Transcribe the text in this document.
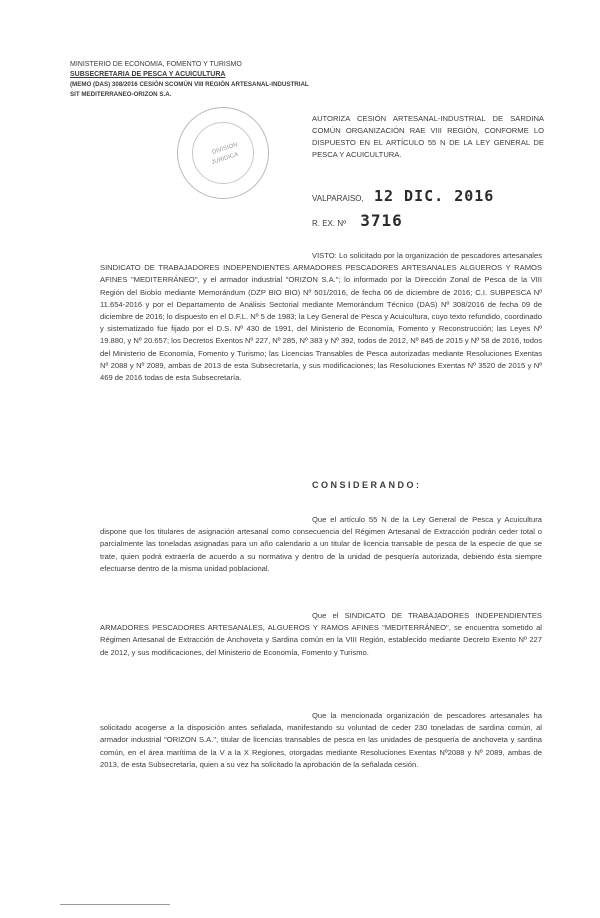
MINISTERIO DE ECONOMIA, FOMENTO Y TURISMO
SUBSECRETARIA DE PESCA Y ACUICULTURA
(MEMO (DAS) 308/2016 CESIÓN SCOMÚN VIII REGIÓN ARTESANAL-INDUSTRIAL
SIT MEDITERRANEO-ORIZON S.A.
DIVISION
JURIDICA
AUTORIZA CESIÓN ARTESANAL-INDUSTRIAL DE SARDINA COMÚN ORGANIZACIÓN RAE VIII REGIÓN, CONFORME LO DISPUESTO EN EL ARTÍCULO 55 N DE LA LEY GENERAL DE PESCA Y ACUICULTURA.
VALPARAISO, 12 DIC. 2016
R. EX. Nº 3716
VISTO: Lo solicitado por la organización de pescadores artesanales SINDICATO DE TRABAJADORES INDEPENDIENTES ARMADORES PESCADORES ARTESANALES ALGUEROS Y RAMOS AFINES "MEDITERRÁNEO", y el armador industrial "ORIZON S.A."; lo informado por la Dirección Zonal de Pesca de la VIII Región del Biobío mediante Memorándum (DZP BIO BIO) Nº 501/2016, de fecha 06 de diciembre de 2016; C.I. SUBPESCA Nº 11.654-2016 y por el Departamento de Análisis Sectorial mediante Memorándum Técnico (DAS) Nº 308/2016 de fecha 09 de diciembre de 2016; lo dispuesto en el D.F.L. Nº 5 de 1983; la Ley General de Pesca y Acuicultura, cuyo texto refundido, coordinado y sistematizado fue fijado por el D.S. Nº 430 de 1991, del Ministerio de Economía, Fomento y Reconstrucción; las Leyes Nº 19.880, y Nº 20.657; los Decretos Exentos Nº 227, Nº 285, Nº 383 y Nº 392, todos de 2012, Nº 845 de 2015 y Nº 58 de 2016, todos del Ministerio de Economía, Fomento y Turismo; las Licencias Transables de Pesca autorizadas mediante Resoluciones Exentas Nº 2088 y Nº 2089, ambas de 2013 de esta Subsecretaría, y sus modificaciones; las Resoluciones Exentas Nº 3520 de 2015 y Nº 469 de 2016 todas de esta Subsecretaría.
CONSIDERANDO:
Que el artículo 55 N de la Ley General de Pesca y Acuicultura dispone que los titulares de asignación artesanal como consecuencia del Régimen Artesanal de Extracción podrán ceder total o parcialmente las toneladas asignadas para un año calendario a un titular de licencia transable de pesca de la especie de que se trate, quien podrá extraerla de acuerdo a su normativa y dentro de la unidad de pesquería autorizada, debiendo ésta siempre efectuarse dentro de la misma unidad poblacional.
Que el SINDICATO DE TRABAJADORES INDEPENDIENTES ARMADORES PESCADORES ARTESANALES, ALGUEROS Y RAMOS AFINES "MEDITERRÁNEO", se encuentra sometido al Régimen Artesanal de Extracción de Anchoveta y Sardina común en la VIII Región, establecido mediante Decreto Exento Nº 227 de 2012, y sus modificaciones, del Ministerio de Economía, Fomento y Turismo.
Que la mencionada organización de pescadores artesanales ha solicitado acogerse a la disposición antes señalada, manifestando su voluntad de ceder 230 toneladas de sardina común, al armador industrial "ORIZON S.A.", titular de licencias transables de pesca en las unidades de pesquería de anchoveta y sardina común, en el área marítima de la V a la X Regiones, otorgadas mediante Resoluciones Exentas Nº2088 y Nº 2089, ambas de 2013, de esta Subsecretaría, quien a su vez ha solicitado la aprobación de la señalada cesión.
